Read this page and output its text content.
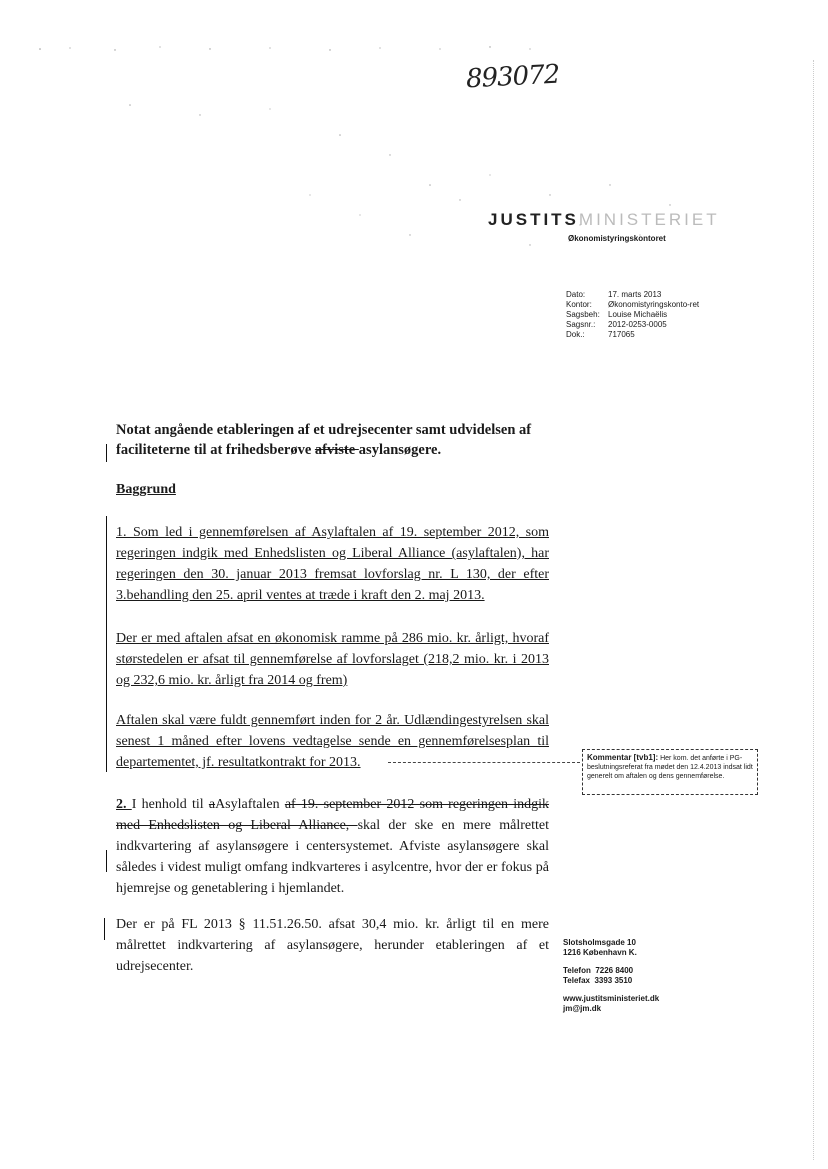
893072
JUSTITSMINISTERIET
Økonomistyringskontoret
Dato:	17. marts 2013
Kontor:	Økonomistyringskonto-ret
Sagsbeh:	Louise Michaëlis
Sagsnr.:	2012-0253-0005
Dok.:	717065
Notat angående etableringen af et udrejsecenter samt udvidelsen af
faciliteterne til at frihedsberøve afviste asylansøgere.
Baggrund
1. Som led i gennemførelsen af Asylaftalen af 19. september 2012, som regeringen indgik med Enhedslisten og Liberal Alliance (asylaftalen), har regeringen den 30. januar 2013 fremsat lovforslag nr. L 130, der efter 3.behandling den 25. april ventes at træde i kraft den 2. maj 2013.
Der er med aftalen afsat en økonomisk ramme på 286 mio. kr. årligt, hvoraf størstedelen er afsat til gennemførelse af lovforslaget (218,2 mio. kr. i 2013 og 232,6 mio. kr. årligt fra 2014 og frem)
Aftalen skal være fuldt gennemført inden for 2 år. Udlændingestyrelsen skal senest 1 måned efter lovens vedtagelse sende en gennemførelsesplan til departementet, jf. resultatkontrakt for 2013.	Kommentar [tvb1]: Her kom. det anførte i PG-beslutningsreferat fra mødet den 12.4.2013 indsat lidt generelt om aftalen og dens gennemførelse.
2. I henhold til aAsylaftalen af 19. september 2012 som regeringen indgik med Enhedslisten og Liberal Alliance, skal der ske en mere målrettet indkvartering af asylansøgere i centersystemet. Afviste asylansøgere skal således i videst muligt omfang indkvarteres i asylcentre, hvor der er fokus på hjemrejse og genetablering i hjemlandet.
Der er på FL 2013 § 11.51.26.50. afsat 30,4 mio. kr. årligt til en mere målrettet indkvartering af asylansøgere, herunder etableringen af et udrejsecenter.
Slotsholmsgade 10
1216 København K.
Telefon 7226 8400
Telefax 3393 3510
www.justitsministeriet.dk
jm@jm.dk
